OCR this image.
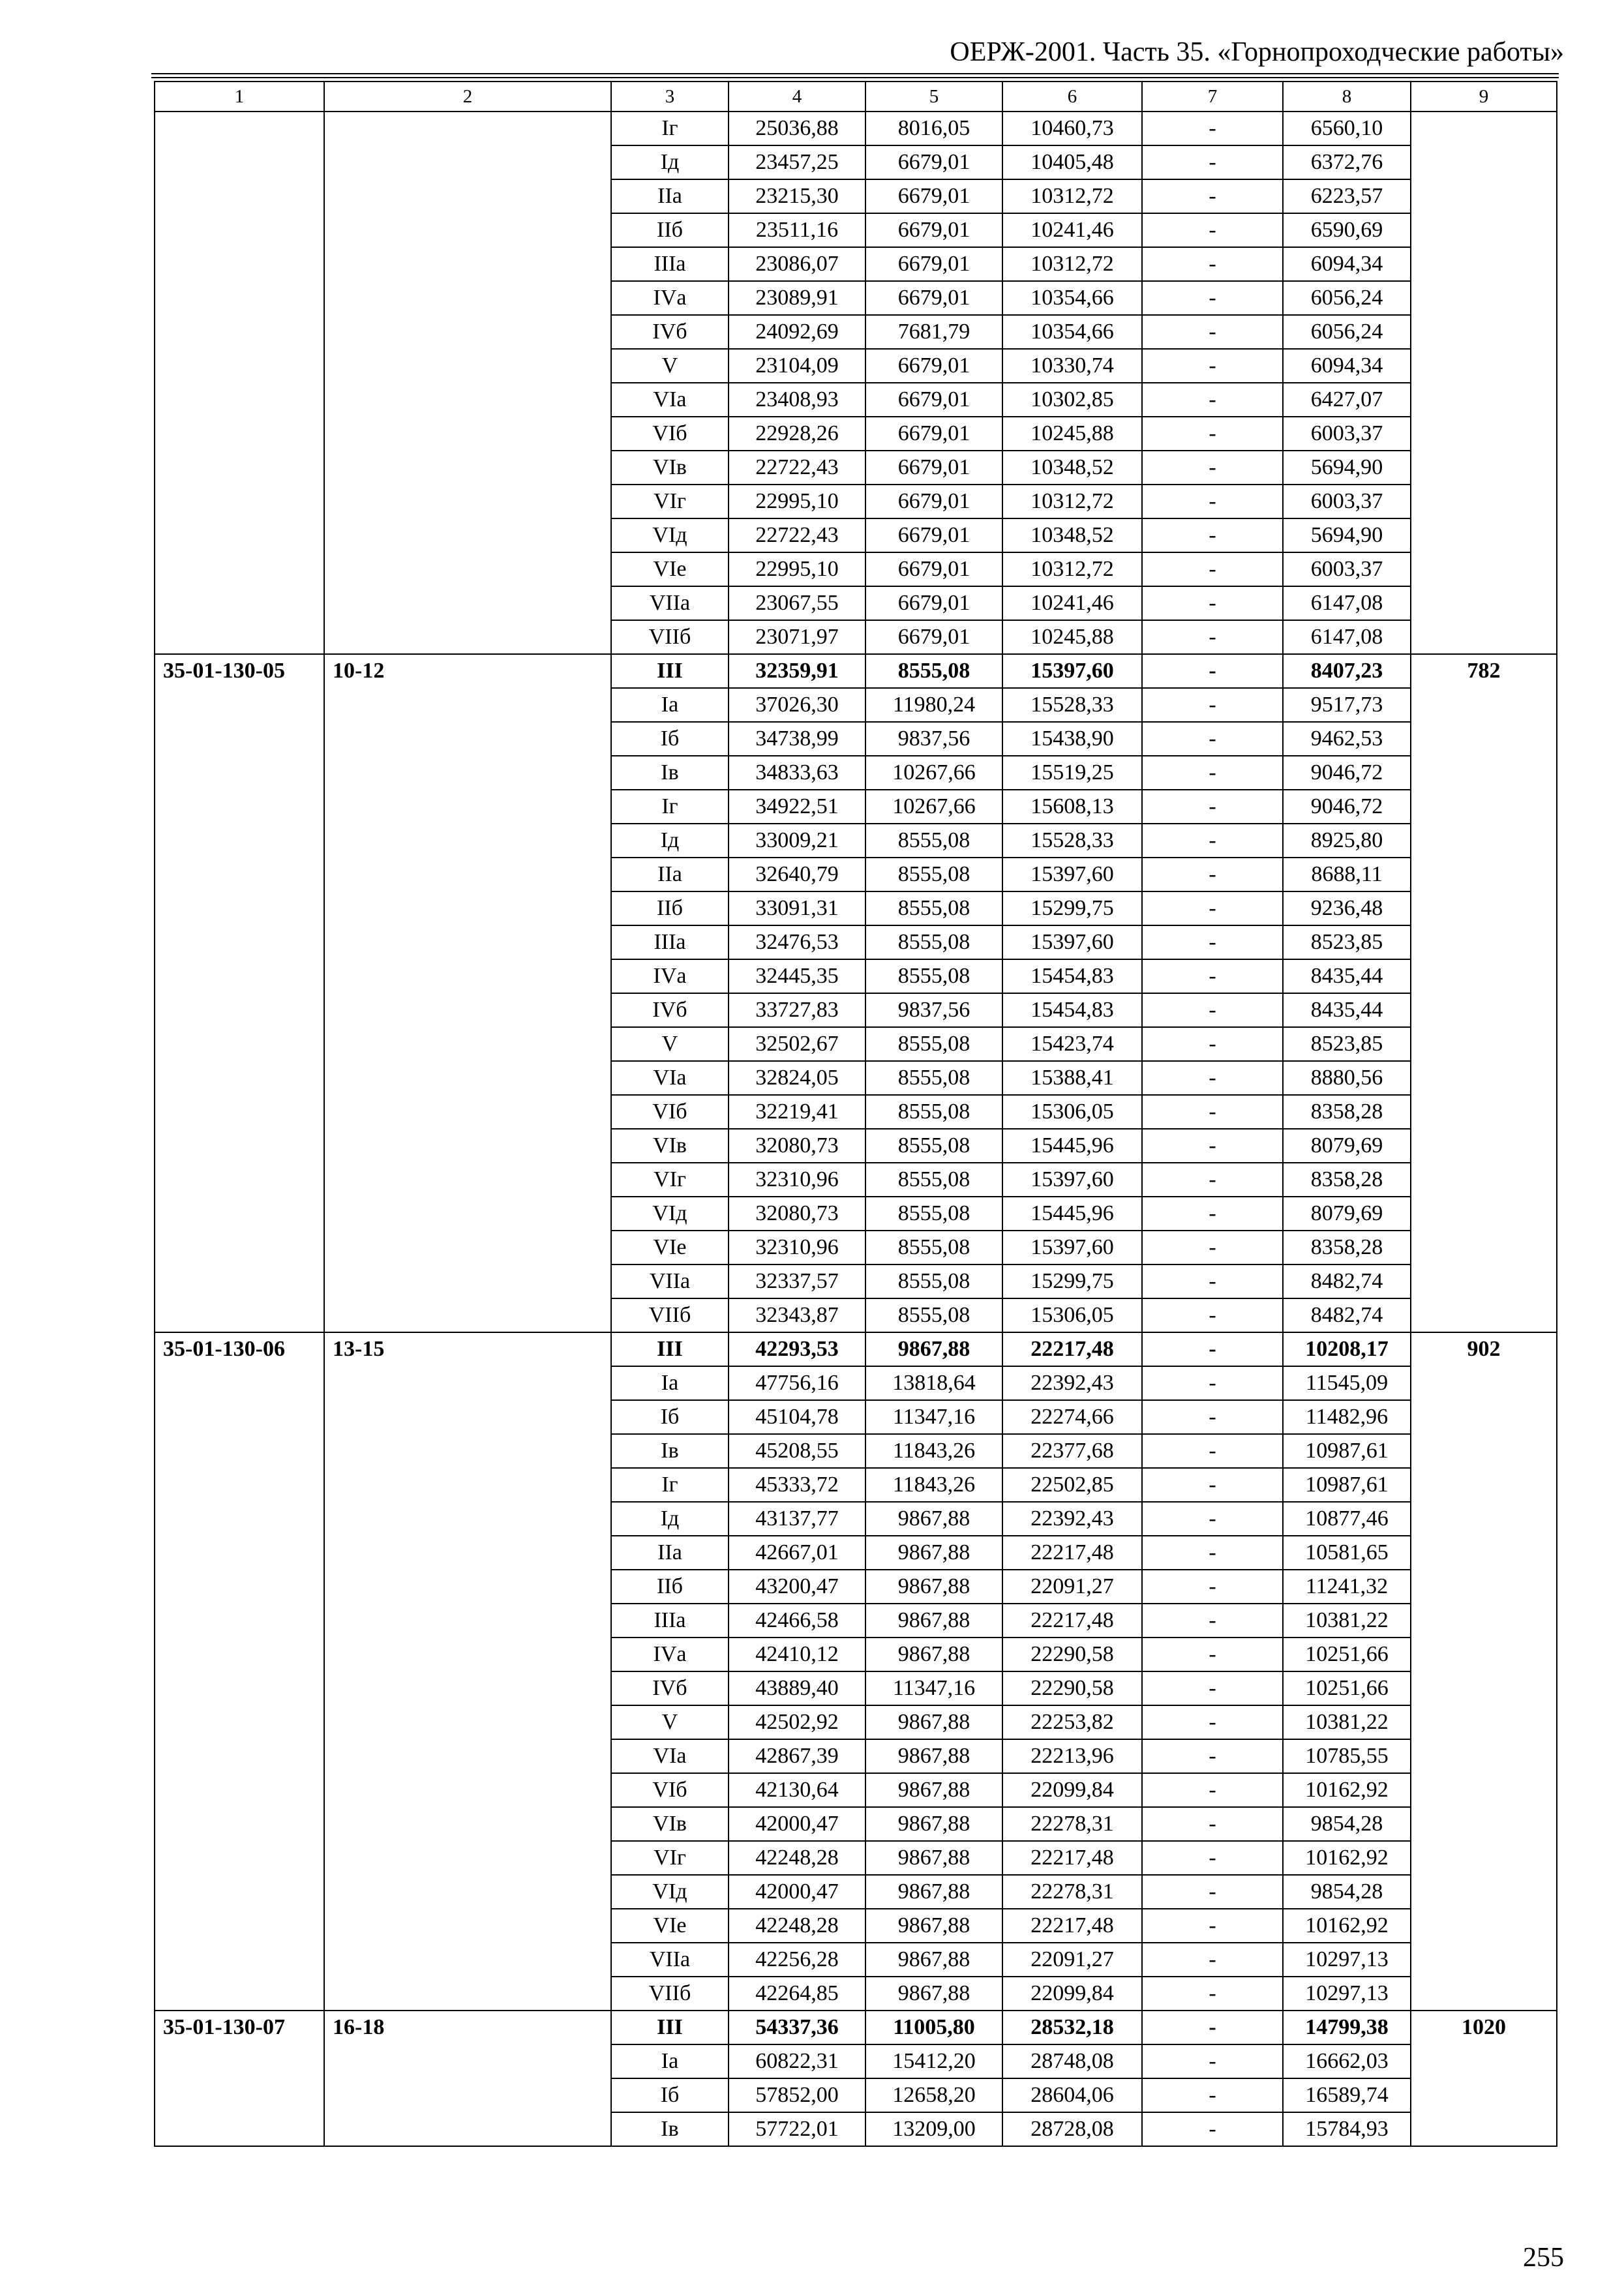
ОЕРЖ-2001. Часть 35. «Горнопроходческие работы»
1	2	3	4	5	6	7	8	9
		Iг	25036,88	8016,05	10460,73	-	6560,10	
		Iд	23457,25	6679,01	10405,48	-	6372,76	
		IIа	23215,30	6679,01	10312,72	-	6223,57	
		IIб	23511,16	6679,01	10241,46	-	6590,69	
		IIIа	23086,07	6679,01	10312,72	-	6094,34	
		IVа	23089,91	6679,01	10354,66	-	6056,24	
		IVб	24092,69	7681,79	10354,66	-	6056,24	
		V	23104,09	6679,01	10330,74	-	6094,34	
		VIа	23408,93	6679,01	10302,85	-	6427,07	
		VIб	22928,26	6679,01	10245,88	-	6003,37	
		VIв	22722,43	6679,01	10348,52	-	5694,90	
		VIг	22995,10	6679,01	10312,72	-	6003,37	
		VIд	22722,43	6679,01	10348,52	-	5694,90	
		VIе	22995,10	6679,01	10312,72	-	6003,37	
		VIIа	23067,55	6679,01	10241,46	-	6147,08	
		VIIб	23071,97	6679,01	10245,88	-	6147,08	
35-01-130-05	10-12	III	32359,91	8555,08	15397,60	-	8407,23	782
		Iа	37026,30	11980,24	15528,33	-	9517,73	
		Iб	34738,99	9837,56	15438,90	-	9462,53	
		Iв	34833,63	10267,66	15519,25	-	9046,72	
		Iг	34922,51	10267,66	15608,13	-	9046,72	
		Iд	33009,21	8555,08	15528,33	-	8925,80	
		IIа	32640,79	8555,08	15397,60	-	8688,11	
		IIб	33091,31	8555,08	15299,75	-	9236,48	
		IIIа	32476,53	8555,08	15397,60	-	8523,85	
		IVа	32445,35	8555,08	15454,83	-	8435,44	
		IVб	33727,83	9837,56	15454,83	-	8435,44	
		V	32502,67	8555,08	15423,74	-	8523,85	
		VIа	32824,05	8555,08	15388,41	-	8880,56	
		VIб	32219,41	8555,08	15306,05	-	8358,28	
		VIв	32080,73	8555,08	15445,96	-	8079,69	
		VIг	32310,96	8555,08	15397,60	-	8358,28	
		VIд	32080,73	8555,08	15445,96	-	8079,69	
		VIе	32310,96	8555,08	15397,60	-	8358,28	
		VIIа	32337,57	8555,08	15299,75	-	8482,74	
		VIIб	32343,87	8555,08	15306,05	-	8482,74	
35-01-130-06	13-15	III	42293,53	9867,88	22217,48	-	10208,17	902
		Iа	47756,16	13818,64	22392,43	-	11545,09	
		Iб	45104,78	11347,16	22274,66	-	11482,96	
		Iв	45208,55	11843,26	22377,68	-	10987,61	
		Iг	45333,72	11843,26	22502,85	-	10987,61	
		Iд	43137,77	9867,88	22392,43	-	10877,46	
		IIа	42667,01	9867,88	22217,48	-	10581,65	
		IIб	43200,47	9867,88	22091,27	-	11241,32	
		IIIа	42466,58	9867,88	22217,48	-	10381,22	
		IVа	42410,12	9867,88	22290,58	-	10251,66	
		IVб	43889,40	11347,16	22290,58	-	10251,66	
		V	42502,92	9867,88	22253,82	-	10381,22	
		VIа	42867,39	9867,88	22213,96	-	10785,55	
		VIб	42130,64	9867,88	22099,84	-	10162,92	
		VIв	42000,47	9867,88	22278,31	-	9854,28	
		VIг	42248,28	9867,88	22217,48	-	10162,92	
		VIд	42000,47	9867,88	22278,31	-	9854,28	
		VIе	42248,28	9867,88	22217,48	-	10162,92	
		VIIа	42256,28	9867,88	22091,27	-	10297,13	
		VIIб	42264,85	9867,88	22099,84	-	10297,13	
35-01-130-07	16-18	III	54337,36	11005,80	28532,18	-	14799,38	1020
		Iа	60822,31	15412,20	28748,08	-	16662,03	
		Iб	57852,00	12658,20	28604,06	-	16589,74	
		Iв	57722,01	13209,00	28728,08	-	15784,93	
255
